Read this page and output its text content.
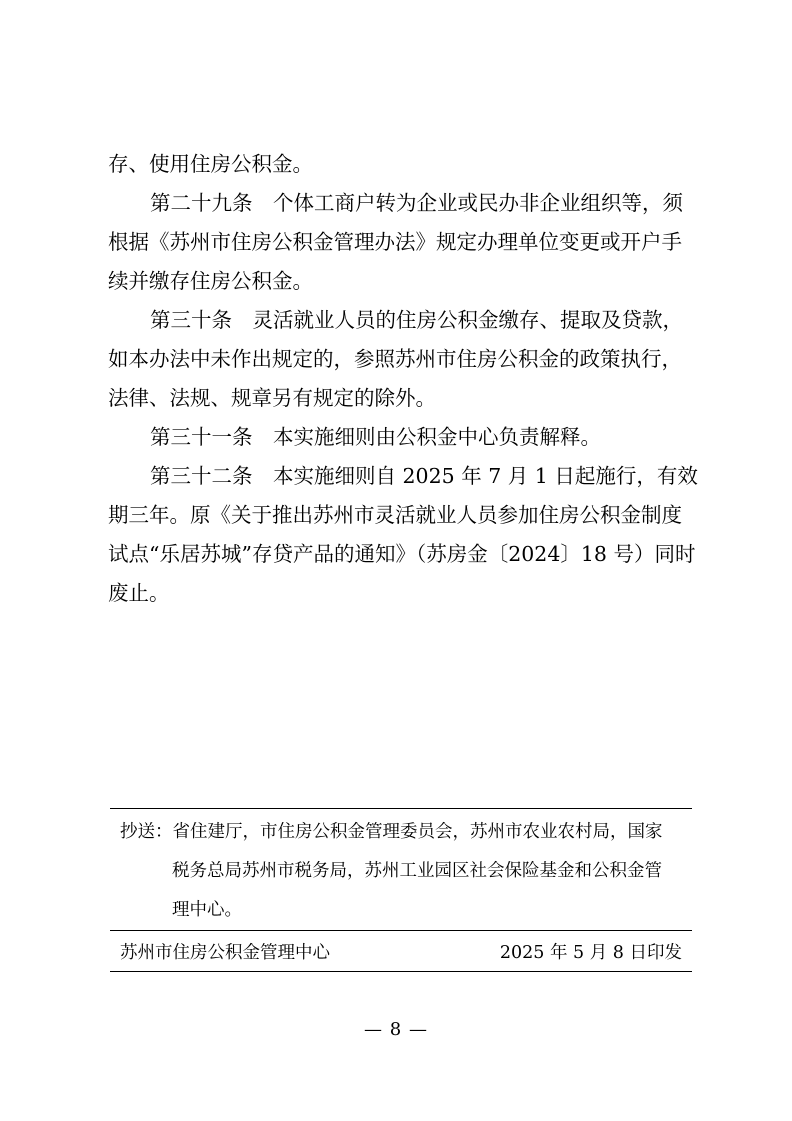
存、使用住房公积金。
第二十九条　个体工商户转为企业或民办非企业组织等，须
根据《苏州市住房公积金管理办法》规定办理单位变更或开户手
续并缴存住房公积金。
第三十条　灵活就业人员的住房公积金缴存、提取及贷款，
如本办法中未作出规定的，参照苏州市住房公积金的政策执行，
法律、法规、规章另有规定的除外。
第三十一条　本实施细则由公积金中心负责解释。
第三十二条　本实施细则自 2025 年 7 月 1 日起施行，有效
期三年。原《关于推出苏州市灵活就业人员参加住房公积金制度
试点“乐居苏城”存贷产品的通知》（苏房金〔2024〕18 号）同时
废止。
抄送：省住建厅，市住房公积金管理委员会，苏州市农业农村局，国家
税务总局苏州市税务局，苏州工业园区社会保险基金和公积金管
理中心。
苏州市住房公积金管理中心	2025 年 5 月 8 日印发
— 8 —
